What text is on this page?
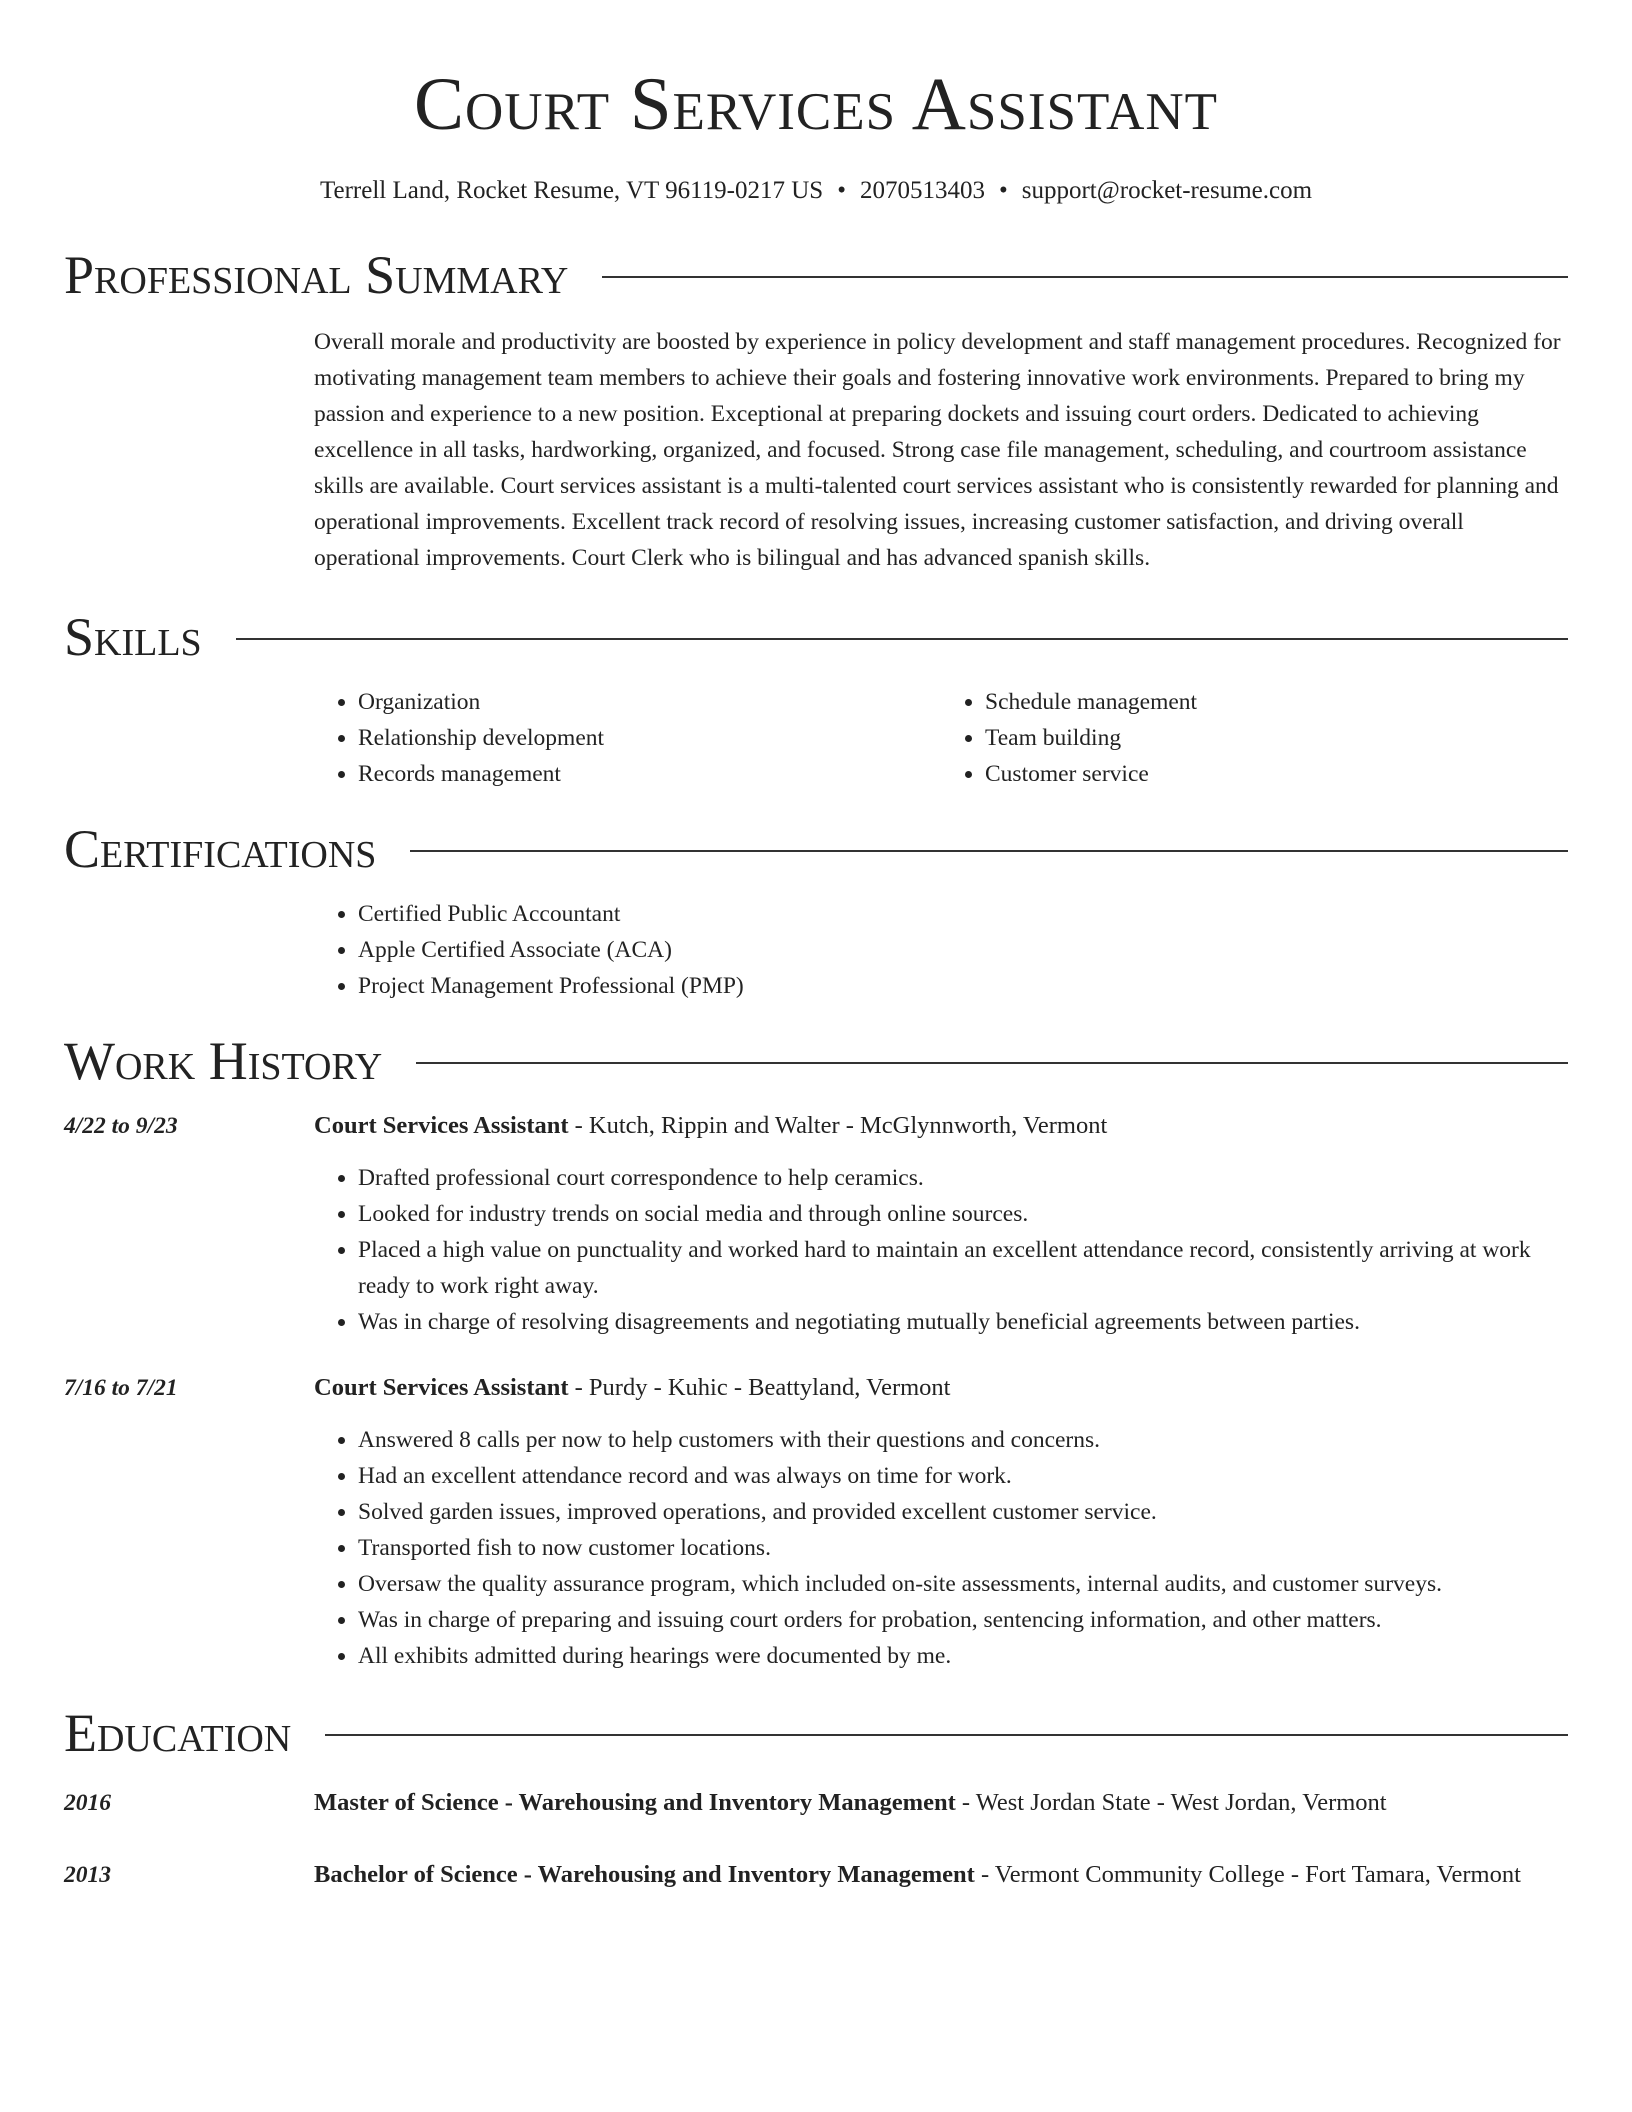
Court Services Assistant
Terrell Land, Rocket Resume, VT 96119-0217 US • 2070513403 • support@rocket-resume.com
Professional Summary

Overall morale and productivity are boosted by experience in policy development and staff management procedures. Recognized for motivating management team members to achieve their goals and fostering innovative work environments. Prepared to bring my passion and experience to a new position. Exceptional at preparing dockets and issuing court orders. Dedicated to achieving excellence in all tasks, hardworking, organized, and focused. Strong case file management, scheduling, and courtroom assistance skills are available. Court services assistant is a multi-talented court services assistant who is consistently rewarded for planning and operational improvements. Excellent track record of resolving issues, increasing customer satisfaction, and driving overall operational improvements. Court Clerk who is bilingual and has advanced spanish skills.

Skills
• Organization
• Relationship development
• Records management
• Schedule management
• Team building
• Customer service
Certifications
• Certified Public Accountant
• Apple Certified Associate (ACA)
• Project Management Professional (PMP)
Work History
4/22 to 9/23	Court Services Assistant - Kutch, Rippin and Walter - McGlynnworth, Vermont
• Drafted professional court correspondence to help ceramics.
• Looked for industry trends on social media and through online sources.
• Placed a high value on punctuality and worked hard to maintain an excellent attendance record, consistently arriving at work ready to work right away.
• Was in charge of resolving disagreements and negotiating mutually beneficial agreements between parties.
7/16 to 7/21	Court Services Assistant - Purdy - Kuhic - Beattyland, Vermont
• Answered 8 calls per now to help customers with their questions and concerns.
• Had an excellent attendance record and was always on time for work.
• Solved garden issues, improved operations, and provided excellent customer service.
• Transported fish to now customer locations.
• Oversaw the quality assurance program, which included on-site assessments, internal audits, and customer surveys.
• Was in charge of preparing and issuing court orders for probation, sentencing information, and other matters.
• All exhibits admitted during hearings were documented by me.
Education
2016	Master of Science - Warehousing and Inventory Management - West Jordan State - West Jordan, Vermont
2013	Bachelor of Science - Warehousing and Inventory Management - Vermont Community College - Fort Tamara, Vermont
